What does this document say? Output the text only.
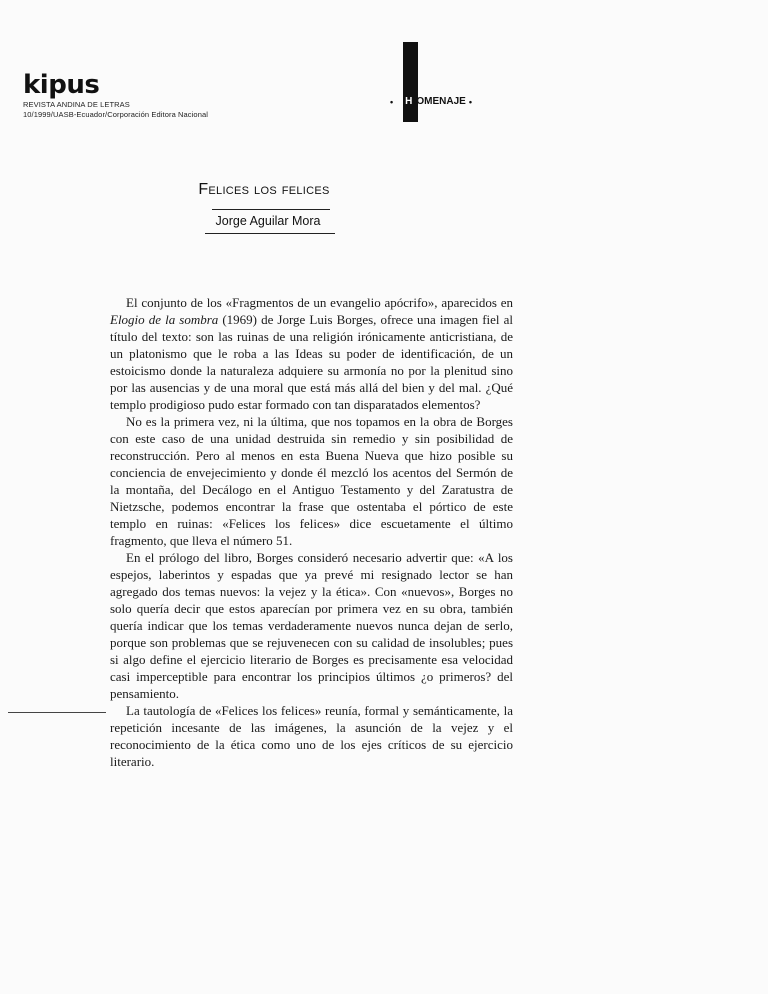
kipus
REVISTA ANDINA DE LETRAS
10/1999/UASB-Ecuador/Corporación Editora Nacional
• H OMENAJE •
Felices los felices
Jorge Aguilar Mora

El conjunto de los «Fragmentos de un evangelio apócrifo», aparecidos en Elogio de la sombra (1969) de Jorge Luis Borges, ofrece una imagen fiel al título del texto: son las ruinas de una religión irónicamente anticristiana, de un platonismo que le roba a las Ideas su poder de identificación, de un estoicismo donde la naturaleza adquiere su armonía no por la plenitud sino por las ausencias y de una moral que está más allá del bien y del mal. ¿Qué templo prodigioso pudo estar formado con tan disparatados elementos?

No es la primera vez, ni la última, que nos topamos en la obra de Borges con este caso de una unidad destruida sin remedio y sin posibilidad de reconstrucción. Pero al menos en esta Buena Nueva que hizo posible su conciencia de envejecimiento y donde él mezcló los acentos del Sermón de la montaña, del Decálogo en el Antiguo Testamento y del Zaratustra de Nietzsche, podemos encontrar la frase que ostentaba el pórtico de este templo en ruinas: «Felices los felices» dice escuetamente el último fragmento, que lleva el número 51.

En el prólogo del libro, Borges consideró necesario advertir que: «A los espejos, laberintos y espadas que ya prevé mi resignado lector se han agregado dos temas nuevos: la vejez y la ética». Con «nuevos», Borges no solo quería decir que estos aparecían por primera vez en su obra, también quería indicar que los temas verdaderamente nuevos nunca dejan de serlo, porque son problemas que se rejuvenecen con su calidad de insolubles; pues si algo define el ejercicio literario de Borges es precisamente esa velocidad casi imperceptible para encontrar los principios últimos ¿o primeros? del pensamiento.

La tautología de «Felices los felices» reunía, formal y semánticamente, la repetición incesante de las imágenes, la asunción de la vejez y el reconocimiento de la ética como uno de los ejes críticos de su ejercicio literario.
